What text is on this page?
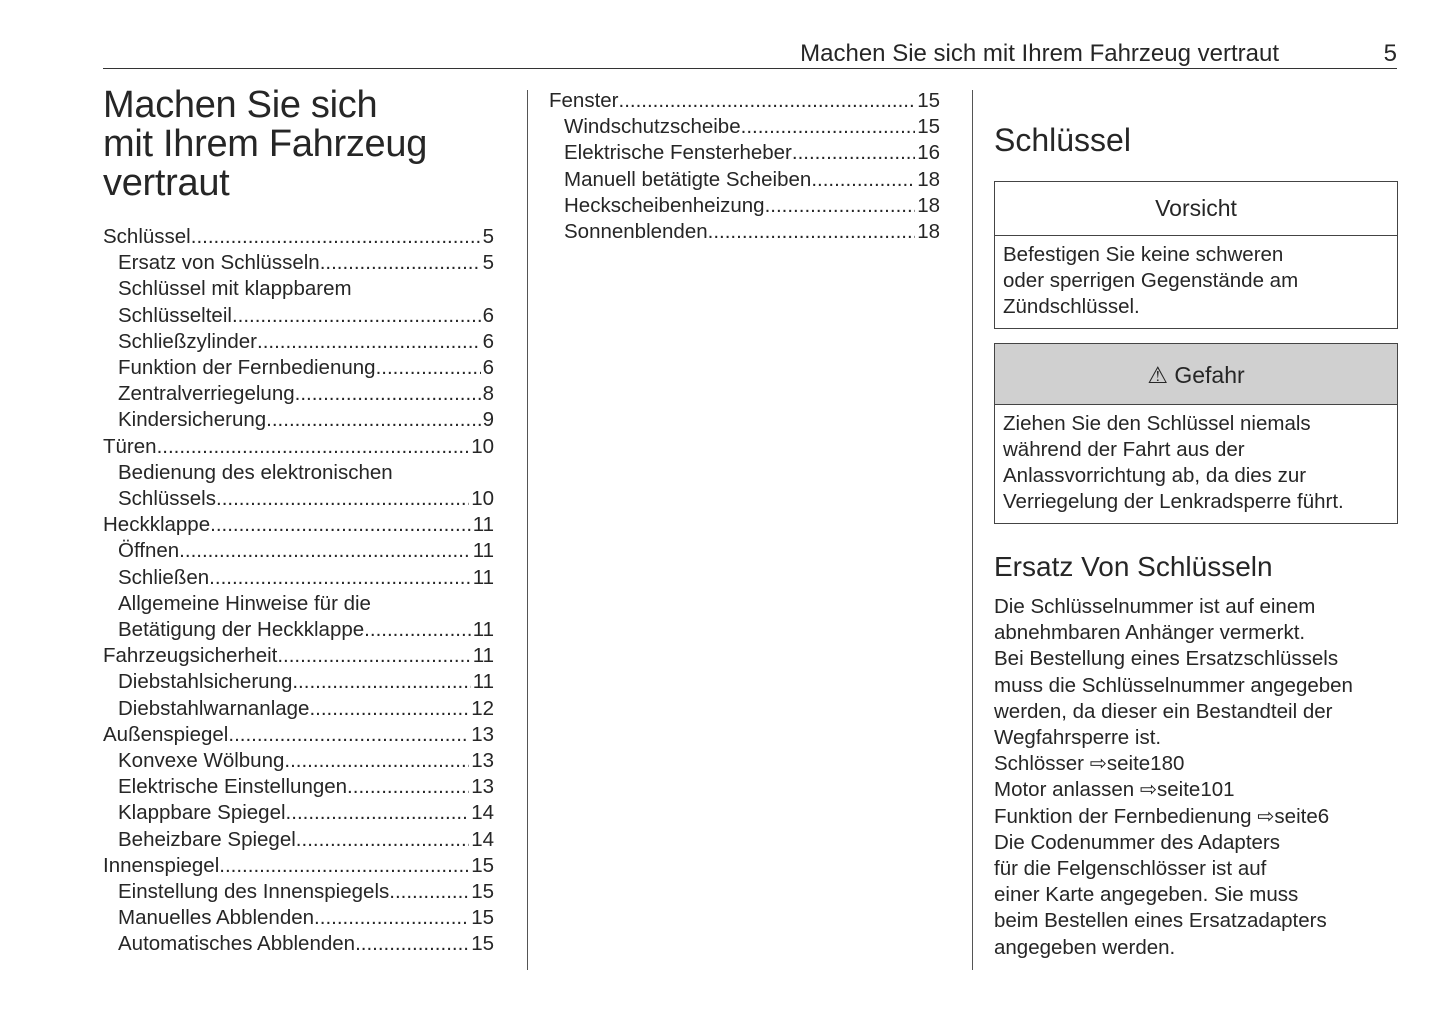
Machen Sie sich mit Ihrem Fahrzeug vertraut	5
Machen Sie sich
mit Ihrem Fahrzeug
vertraut
Schlüssel .....	5
Ersatz von Schlüsseln .....	5
Schlüssel mit klappbarem
Schlüsselteil .....	6
Schließzylinder .....	6
Funktion der Fernbedienung .....	6
Zentralverriegelung .....	8
Kindersicherung .....	9
Türen .....	10
Bedienung des elektronischen
Schlüssels .....	10
Heckklappe .....	11
Öffnen .....	11
Schließen .....	11
Allgemeine Hinweise für die
Betätigung der Heckklappe .....	11
Fahrzeugsicherheit .....	11
Diebstahlsicherung .....	11
Diebstahlwarnanlage .....	12
Außenspiegel .....	13
Konvexe Wölbung .....	13
Elektrische Einstellungen .....	13
Klappbare Spiegel .....	14
Beheizbare Spiegel .....	14
Innenspiegel .....	15
Einstellung des Innenspiegels .....	15
Manuelles Abblenden .....	15
Automatisches Abblenden .....	15
Fenster .....	15
Windschutzscheibe .....	15
Elektrische Fensterheber .....	16
Manuell betätigte Scheiben .....	18
Heckscheibenheizung .....	18
Sonnenblenden .....	18
Schlüssel
Vorsicht
Befestigen Sie keine schweren
oder sperrigen Gegenstände am
Zündschlüssel.
⚠ Gefahr
Ziehen Sie den Schlüssel niemals
während der Fahrt aus der
Anlassvorrichtung ab, da dies zur
Verriegelung der Lenkradsperre führt.
Ersatz Von Schlüsseln
Die Schlüsselnummer ist auf einem
abnehmbaren Anhänger vermerkt.
Bei Bestellung eines Ersatzschlüssels
muss die Schlüsselnummer angegeben
werden, da dieser ein Bestandteil der
Wegfahrsperre ist.
Schlösser ⇨seite180
Motor anlassen ⇨seite101
Funktion der Fernbedienung ⇨seite6
Die Codenummer des Adapters
für die Felgenschlösser ist auf
einer Karte angegeben. Sie muss
beim Bestellen eines Ersatzadapters
angegeben werden.
